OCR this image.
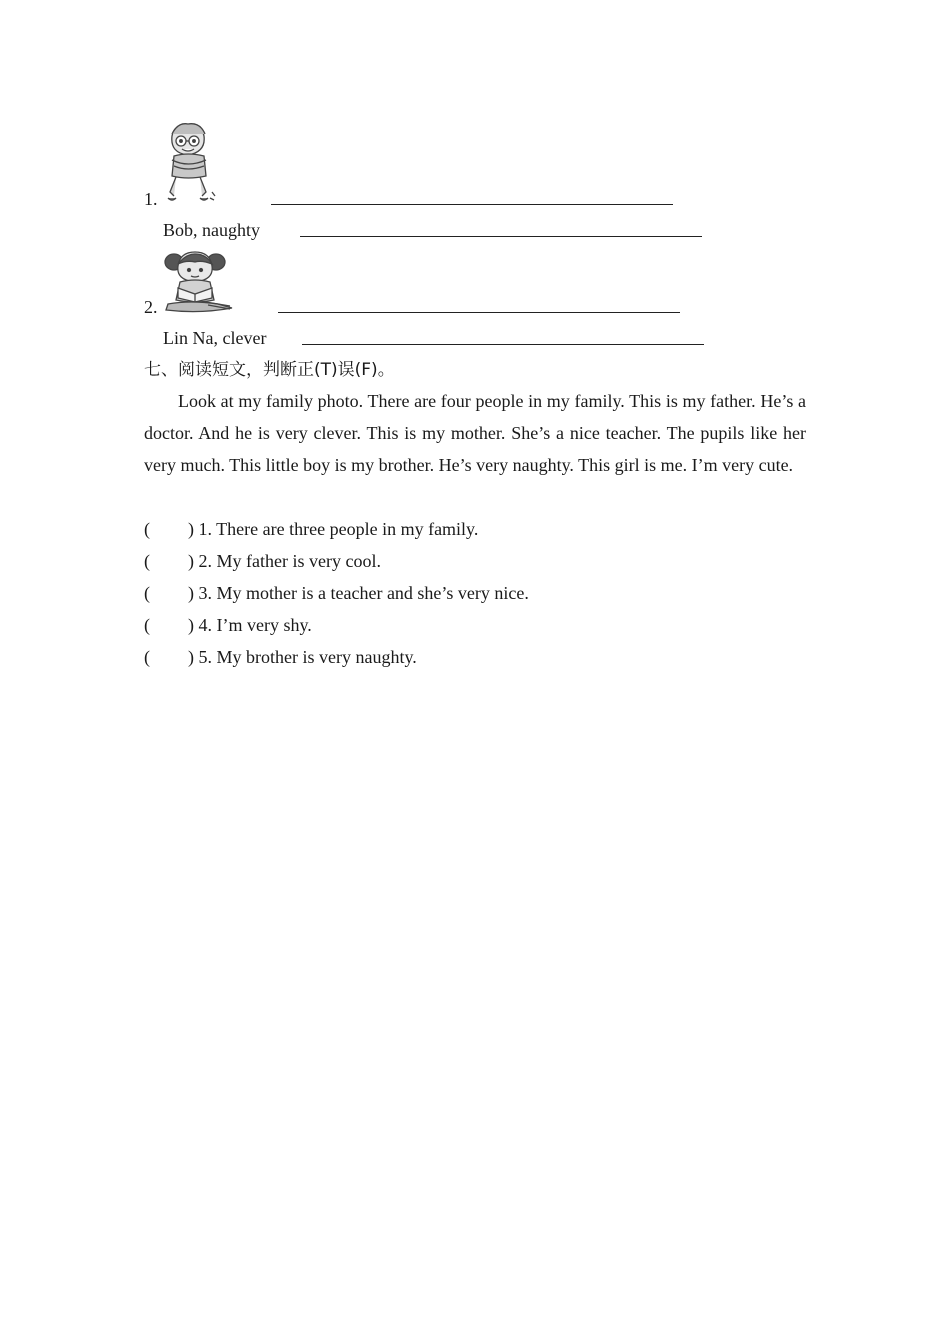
1.
Bob, naughty
2.
Lin Na, clever
七、阅读短文，判断正(T)误(F)。
Look at my family photo. There are four people in my family. This is my father. He’s a doctor. And he is very clever. This is my mother. She’s a nice teacher. The pupils like her very much. This little boy is my brother. He’s very naughty. This girl is me. I’m very cute.
( ) 1. There are three people in my family.
( ) 2. My father is very cool.
( ) 3. My mother is a teacher and she’s very nice.
( ) 4. I’m very shy.
( ) 5. My brother is very naughty.
